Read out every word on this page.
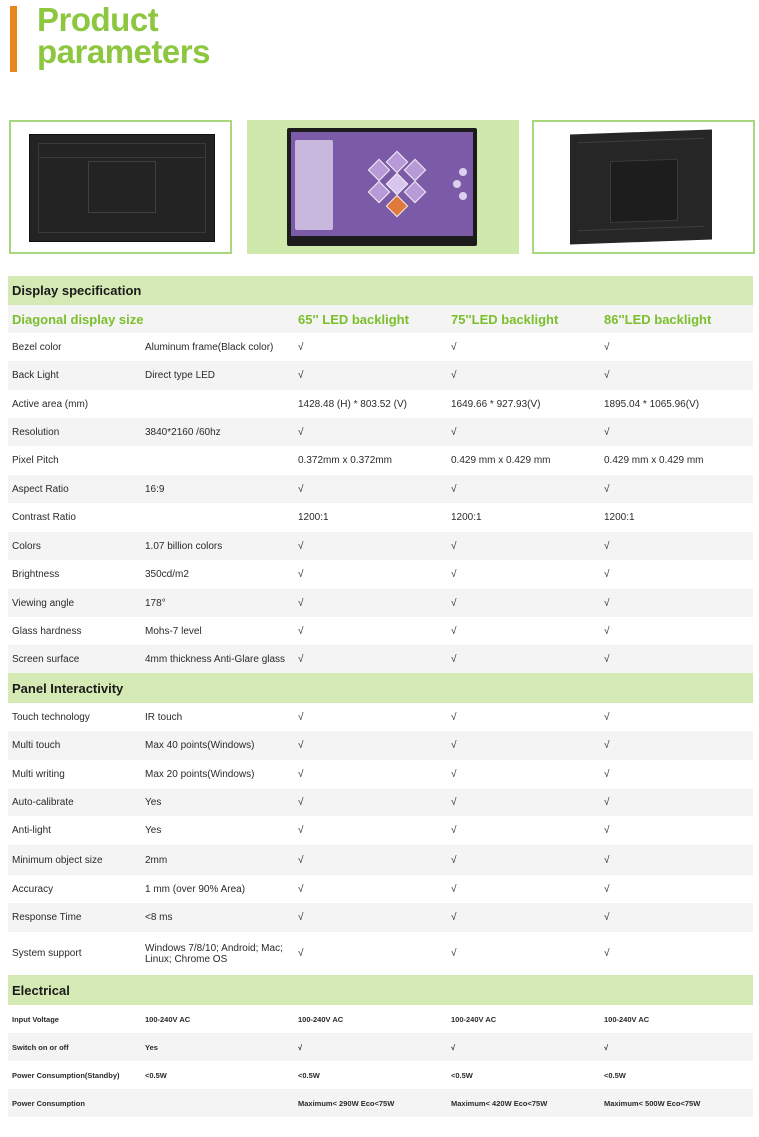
Product
parameters
Display specification				
Diagonal display size		65'' LED backlight	75''LED backlight	86''LED backlight
Bezel color	Aluminum frame(Black color)	√	√	√
Back Light	Direct type LED	√	√	√
Active area (mm)		1428.48 (H) * 803.52 (V)	1649.66 * 927.93(V)	1895.04 * 1065.96(V)
Resolution	3840*2160 /60hz	√	√	√
Pixel Pitch		0.372mm x 0.372mm	0.429 mm x 0.429 mm	0.429 mm x 0.429 mm
Aspect Ratio	16:9	√	√	√
Contrast Ratio		1200:1	1200:1	1200:1
Colors	1.07 billion colors	√	√	√
Brightness	350cd/m2	√	√	√
Viewing angle	178°	√	√	√
Glass hardness	Mohs-7 level	√	√	√
Screen surface	4mm thickness Anti-Glare glass	√	√	√
Panel Interactivity				
Touch technology	IR touch	√	√	√
Multi touch	Max 40 points(Windows)	√	√	√
Multi writing	Max 20 points(Windows)	√	√	√
Auto-calibrate	Yes	√	√	√
Anti-light	Yes	√	√	√
Minimum object size	2mm	√	√	√
Accuracy	1 mm (over 90% Area)	√	√	√
Response Time	<8 ms	√	√	√
System support	Windows 7/8/10; Android; Mac; Linux; Chrome OS	√	√	√
Electrical				
Input Voltage	100-240V AC	100-240V AC	100-240V AC	100-240V AC
Switch on or off	Yes	√	√	√
Power Consumption(Standby)	<0.5W	<0.5W	<0.5W	<0.5W
Power Consumption		Maximum< 290W Eco<75W	Maximum< 420W Eco<75W	Maximum< 500W Eco<75W
